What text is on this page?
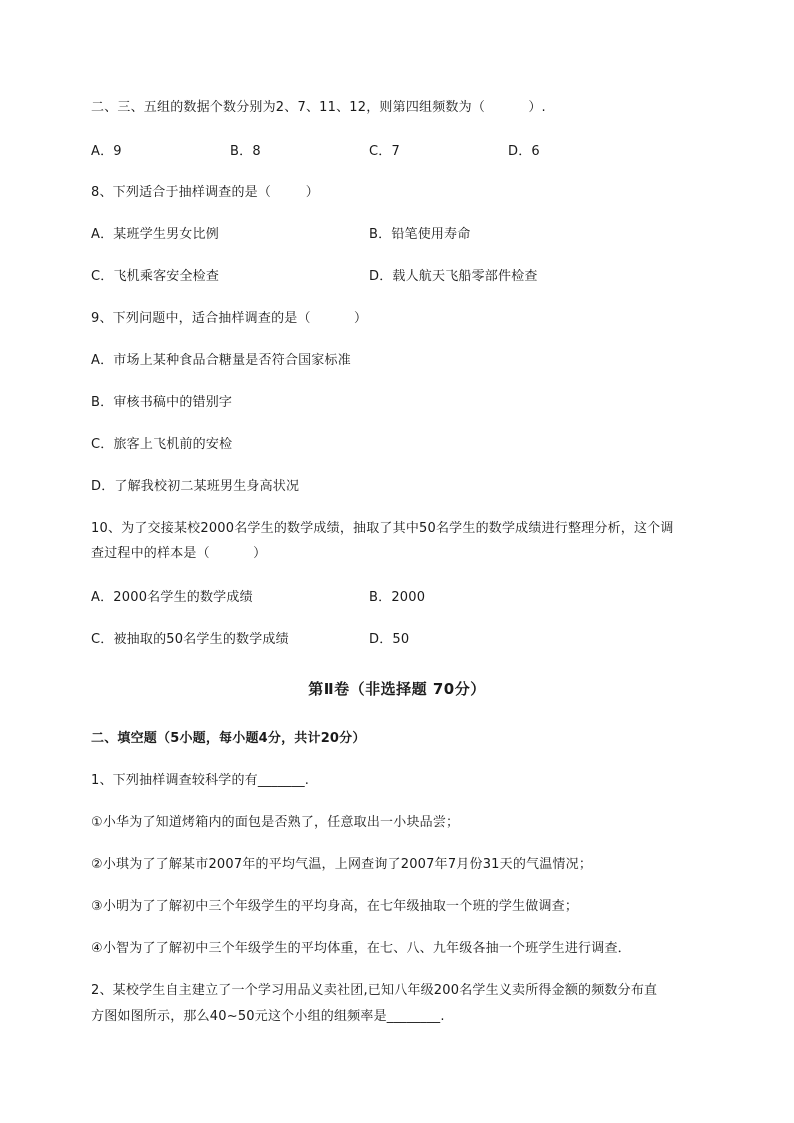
二、三、五组的数据个数分别为2、7、11、12，则第四组频数为（          ）.
A．9	B．8	C．7	D．6
8、下列适合于抽样调查的是（        ）
A．某班学生男女比例	B．铅笔使用寿命
C．飞机乘客安全检查	D．载人航天飞船零部件检查
9、下列问题中，适合抽样调查的是（          ）
A．市场上某种食品合糖量是否符合国家标准
B．审核书稿中的错别字
C．旅客上飞机前的安检
D．了解我校初二某班男生身高状况
10、为了交接某校2000名学生的数学成绩，抽取了其中50名学生的数学成绩进行整理分析，这个调
查过程中的样本是（          ）
A．2000名学生的数学成绩	B．2000
C．被抽取的50名学生的数学成绩	D．50
第Ⅱ卷（非选择题 70分）
二、填空题（5小题，每小题4分，共计20分）
1、下列抽样调查较科学的有_______.
①小华为了知道烤箱内的面包是否熟了，任意取出一小块品尝；
②小琪为了了解某市2007年的平均气温，上网查询了2007年7月份31天的气温情况；
③小明为了了解初中三个年级学生的平均身高，在七年级抽取一个班的学生做调查；
④小智为了了解初中三个年级学生的平均体重，在七、八、九年级各抽一个班学生进行调查．
2、某校学生自主建立了一个学习用品义卖社团,已知八年级200名学生义卖所得金额的频数分布直
方图如图所示，那么40~50元这个小组的组频率是________.
